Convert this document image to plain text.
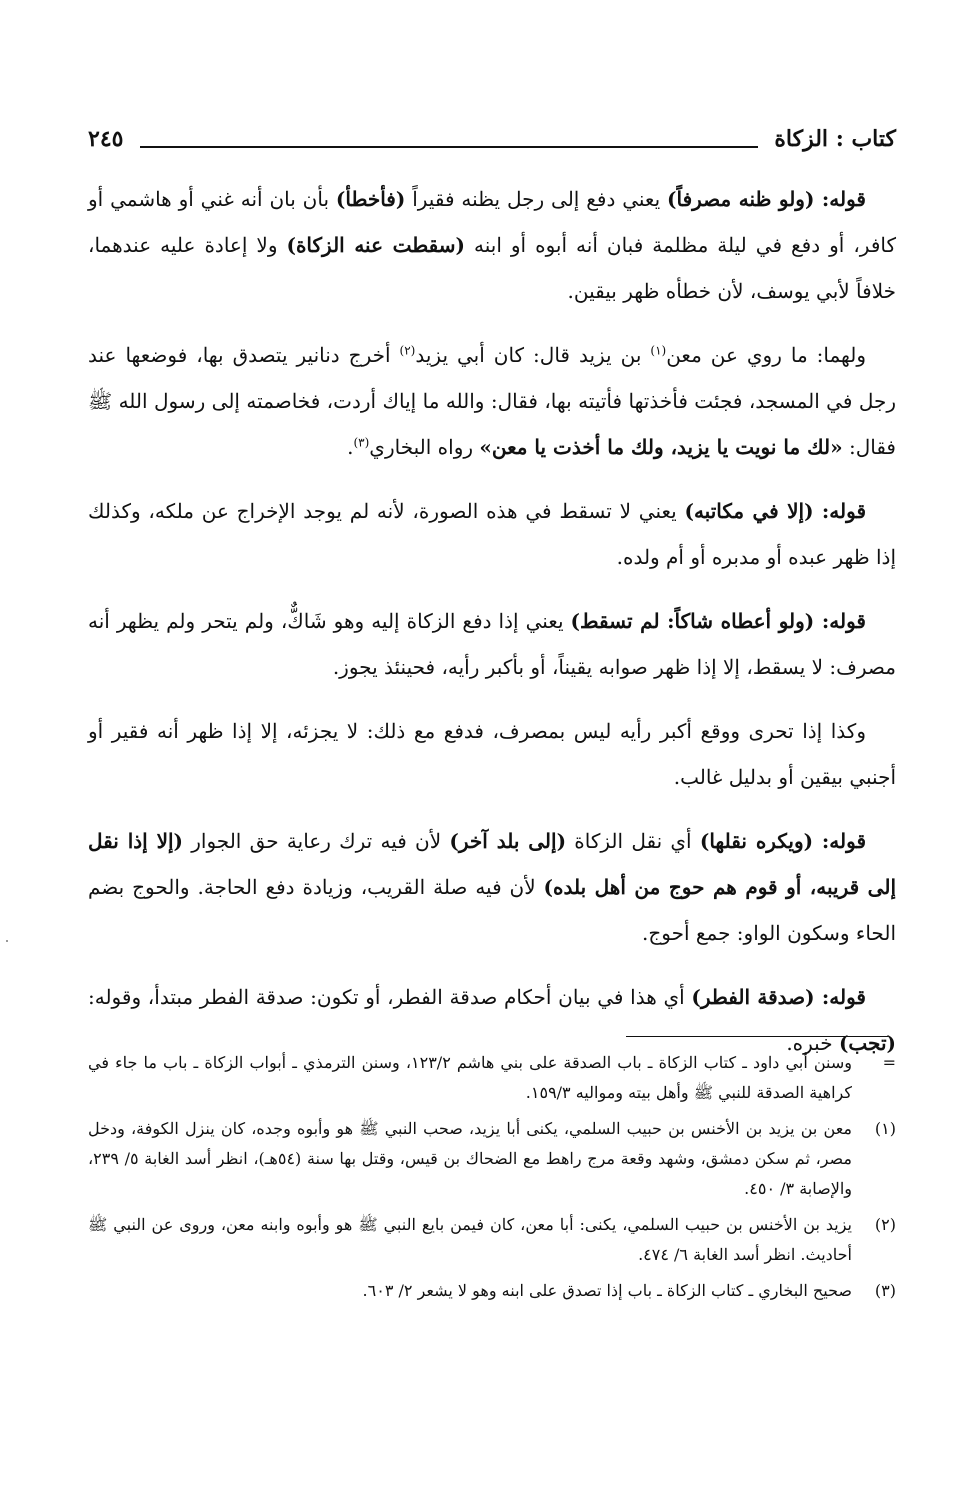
كتاب : الزكاة
٢٤٥

قوله: (ولو ظنه مصرفاً) يعني دفع إلى رجل يظنه فقيراً (فأخطأ) بأن بان أنه غني أو هاشمي أو كافر، أو دفع في ليلة مظلمة فبان أنه أبوه أو ابنه (سقطت عنه الزكاة) ولا إعادة عليه عندهما، خلافاً لأبي يوسف، لأن خطأه ظهر بيقين.

ولهما: ما روي عن معن$^{(١)}$ بن يزيد قال: كان أبي يزيد$^{(٢)}$ أخرج دنانير يتصدق بها، فوضعها عند رجل في المسجد، فجئت فأخذتها فأتيته بها، فقال: والله ما إياك أردت، فخاصمته إلى رسول الله ﷺ فقال: «لك ما نويت يا يزيد، ولك ما أخذت يا معن» رواه البخاري$^{(٣)}$.

قوله: (إلا في مكاتبه) يعني لا تسقط في هذه الصورة، لأنه لم يوجد الإخراج عن ملكه، وكذلك إذا ظهر عبده أو مدبره أو أم ولده.

قوله: (ولو أعطاه شاكاً: لم تسقط) يعني إذا دفع الزكاة إليه وهو شَاكٌّ، ولم يتحر ولم يظهر أنه مصرف: لا يسقط، إلا إذا ظهر صوابه يقيناً، أو بأكبر رأيه، فحينئذ يجوز.

وكذا إذا تحرى ووقع أكبر رأيه ليس بمصرف، فدفع مع ذلك: لا يجزئه، إلا إذا ظهر أنه فقير أو أجنبي بيقين أو بدليل غالب.

قوله: (ويكره نقلها) أي نقل الزكاة (إلى بلد آخر) لأن فيه ترك رعاية حق الجوار (إلا إذا نقل إلى قريبه، أو قوم هم حوج من أهل بلده) لأن فيه صلة القريب، وزيادة دفع الحاجة. والحوج بضم الحاء وسكون الواو: جمع أحوج.

قوله: (صدقة الفطر) أي هذا في بيان أحكام صدقة الفطر، أو تكون: صدقة الفطر مبتدأ، وقوله: (تجب) خبره.

=
وسنن أبي داود ـ كتاب الزكاة ـ باب الصدقة على بني هاشم ١٢٣/٢، وسنن الترمذي ـ أبواب الزكاة ـ باب ما جاء في كراهية الصدقة للنبي ﷺ وأهل بيته ومواليه ١٥٩/٣.
(١)
معن بن يزيد بن الأخنس بن حبيب السلمي، يكنى أبا يزيد، صحب النبي ﷺ هو وأبوه وجده، كان ينزل الكوفة، ودخل مصر، ثم سكن دمشق، وشهد وقعة مرج راهط مع الضحاك بن قيس، وقتل بها سنة (٥٤هـ)، انظر أسد الغابة ٥/ ٢٣٩، والإصابة ٣/ ٤٥٠.
(٢)
يزيد بن الأخنس بن حبيب السلمي، يكنى: أبا معن، كان فيمن بايع النبي ﷺ هو وأبوه وابنه معن، وروى عن النبي ﷺ أحاديث. انظر أسد الغابة ٦/ ٤٧٤.
(٣)
صحيح البخاري ـ كتاب الزكاة ـ باب إذا تصدق على ابنه وهو لا يشعر ٢/ ٦٠٣.
